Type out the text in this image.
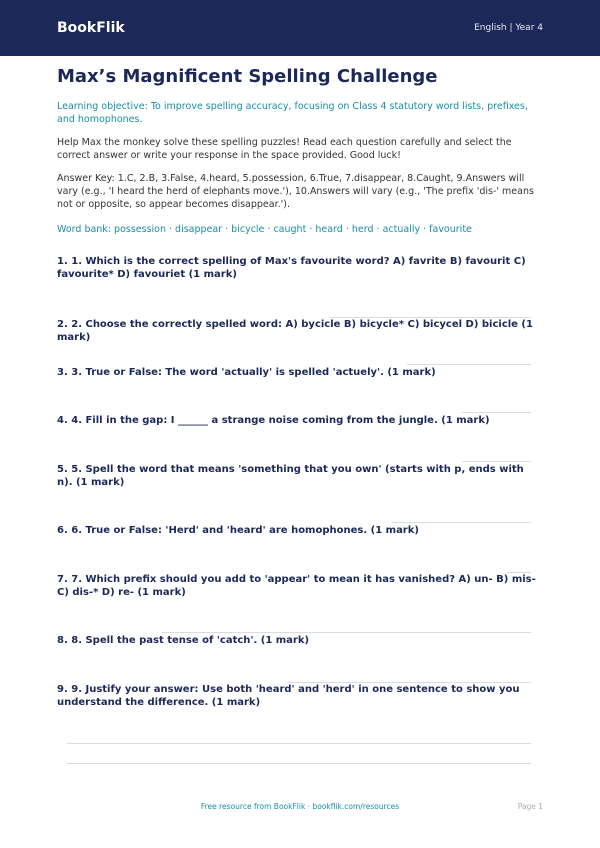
BookFlik	English | Year 4
Max’s Magnificent Spelling Challenge
Learning objective: To improve spelling accuracy, focusing on Class 4 statutory word lists, prefixes, and homophones.
Help Max the monkey solve these spelling puzzles! Read each question carefully and select the correct answer or write your response in the space provided. Good luck!
Answer Key: 1.C, 2.B, 3.False, 4.heard, 5.possession, 6.True, 7.disappear, 8.Caught, 9.Answers will vary (e.g., 'I heard the herd of elephants move.'), 10.Answers will vary (e.g., 'The prefix 'dis-' means not or opposite, so appear becomes disappear.').
Word bank: possession · disappear · bicycle · caught · heard · herd · actually · favourite
1. 1. Which is the correct spelling of Max's favourite word? A) favrite B) favourit C) favourite* D) favouriet (1 mark)
2. 2. Choose the correctly spelled word: A) bycicle B) bicycle* C) bicycel D) bicicle (1 mark)
3. 3. True or False: The word 'actually' is spelled 'actuely'. (1 mark)
4. 4. Fill in the gap: I ______ a strange noise coming from the jungle. (1 mark)
5. 5. Spell the word that means 'something that you own' (starts with p, ends with n). (1 mark)
6. 6. True or False: 'Herd' and 'heard' are homophones. (1 mark)
7. 7. Which prefix should you add to 'appear' to mean it has vanished? A) un- B) mis- C) dis-* D) re- (1 mark)
8. 8. Spell the past tense of 'catch'. (1 mark)
9. 9. Justify your answer: Use both 'heard' and 'herd' in one sentence to show you understand the difference. (1 mark)
Free resource from BookFlik · bookflik.com/resources	Page 1
